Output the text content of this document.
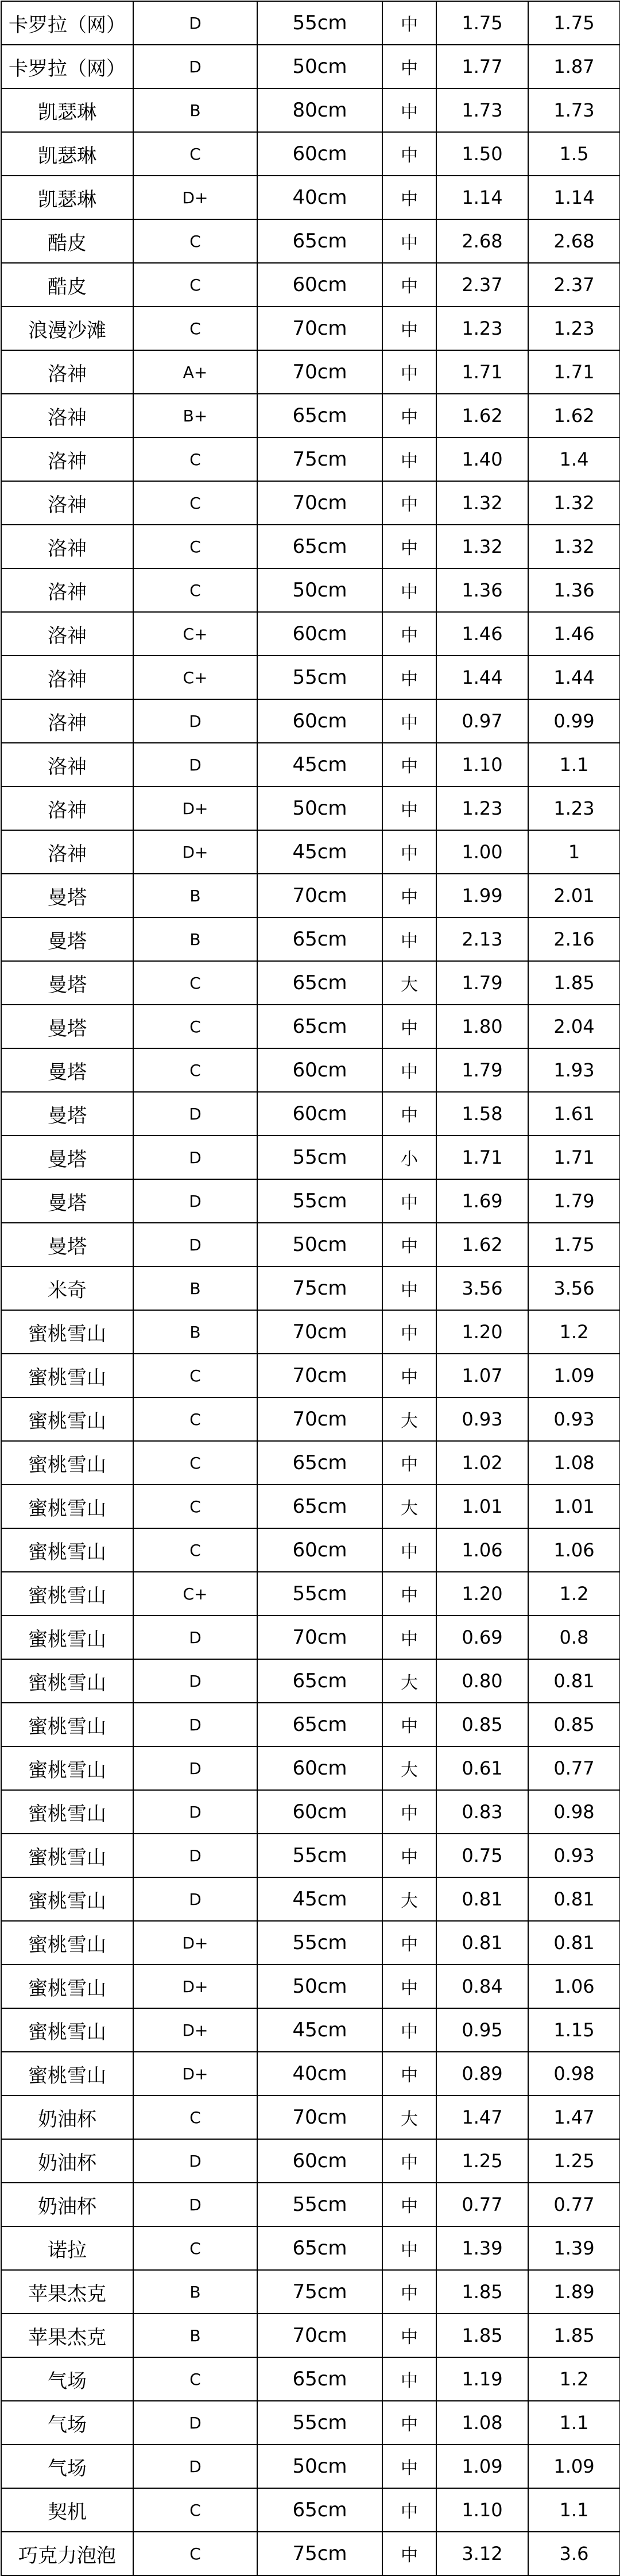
卡罗拉（网）	D	55cm	中	1.75	1.75
卡罗拉（网）	D	50cm	中	1.77	1.87
凯瑟琳	B	80cm	中	1.73	1.73
凯瑟琳	C	60cm	中	1.50	1.5
凯瑟琳	D+	40cm	中	1.14	1.14
酷皮	C	65cm	中	2.68	2.68
酷皮	C	60cm	中	2.37	2.37
浪漫沙滩	C	70cm	中	1.23	1.23
洛神	A+	70cm	中	1.71	1.71
洛神	B+	65cm	中	1.62	1.62
洛神	C	75cm	中	1.40	1.4
洛神	C	70cm	中	1.32	1.32
洛神	C	65cm	中	1.32	1.32
洛神	C	50cm	中	1.36	1.36
洛神	C+	60cm	中	1.46	1.46
洛神	C+	55cm	中	1.44	1.44
洛神	D	60cm	中	0.97	0.99
洛神	D	45cm	中	1.10	1.1
洛神	D+	50cm	中	1.23	1.23
洛神	D+	45cm	中	1.00	1
曼塔	B	70cm	中	1.99	2.01
曼塔	B	65cm	中	2.13	2.16
曼塔	C	65cm	大	1.79	1.85
曼塔	C	65cm	中	1.80	2.04
曼塔	C	60cm	中	1.79	1.93
曼塔	D	60cm	中	1.58	1.61
曼塔	D	55cm	小	1.71	1.71
曼塔	D	55cm	中	1.69	1.79
曼塔	D	50cm	中	1.62	1.75
米奇	B	75cm	中	3.56	3.56
蜜桃雪山	B	70cm	中	1.20	1.2
蜜桃雪山	C	70cm	中	1.07	1.09
蜜桃雪山	C	70cm	大	0.93	0.93
蜜桃雪山	C	65cm	中	1.02	1.08
蜜桃雪山	C	65cm	大	1.01	1.01
蜜桃雪山	C	60cm	中	1.06	1.06
蜜桃雪山	C+	55cm	中	1.20	1.2
蜜桃雪山	D	70cm	中	0.69	0.8
蜜桃雪山	D	65cm	大	0.80	0.81
蜜桃雪山	D	65cm	中	0.85	0.85
蜜桃雪山	D	60cm	大	0.61	0.77
蜜桃雪山	D	60cm	中	0.83	0.98
蜜桃雪山	D	55cm	中	0.75	0.93
蜜桃雪山	D	45cm	大	0.81	0.81
蜜桃雪山	D+	55cm	中	0.81	0.81
蜜桃雪山	D+	50cm	中	0.84	1.06
蜜桃雪山	D+	45cm	中	0.95	1.15
蜜桃雪山	D+	40cm	中	0.89	0.98
奶油杯	C	70cm	大	1.47	1.47
奶油杯	D	60cm	中	1.25	1.25
奶油杯	D	55cm	中	0.77	0.77
诺拉	C	65cm	中	1.39	1.39
苹果杰克	B	75cm	中	1.85	1.89
苹果杰克	B	70cm	中	1.85	1.85
气场	C	65cm	中	1.19	1.2
气场	D	55cm	中	1.08	1.1
气场	D	50cm	中	1.09	1.09
契机	C	65cm	中	1.10	1.1
巧克力泡泡	C	75cm	中	3.12	3.6
